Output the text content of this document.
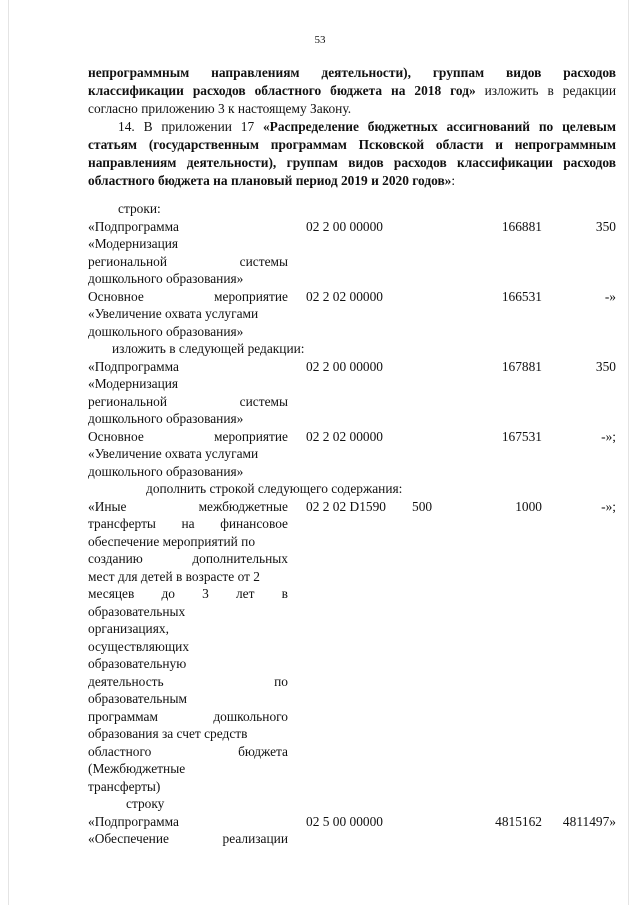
53

непрограммным направлениям деятельности), группам видов расходов классификации расходов областного бюджета на 2018 год» изложить в редакции согласно приложению 3 к настоящему Закону.

14. В приложении 17 «Распределение бюджетных ассигнований по целевым статьям (государственным программам Псковской области и непрограммным направлениям деятельности), группам видов расходов классификации расходов областного бюджета на плановый период 2019 и 2020 годов»:

строки:

«Подпрограмма
«Модернизация
региональной	системы
дошкольного образования»
02 2 00 00000	166881	350
Основное	мероприятие
«Увеличение охвата услугами
дошкольного образования»
02 2 02 00000	166531	-»

изложить в следующей редакции:

«Подпрограмма
«Модернизация
региональной	системы
дошкольного образования»
02 2 00 00000	167881	350
Основное	мероприятие
«Увеличение охвата услугами
дошкольного образования»
02 2 02 00000	167531	-»;

дополнить строкой следующего содержания:

«Иные	межбюджетные
трансферты на финансовое
обеспечение мероприятий по
созданию	дополнительных
мест для детей в возрасте от 2
месяцев до 3 лет в
образовательных
организациях,
осуществляющих
образовательную
деятельность	по
образовательным
программам	дошкольного
образования за счет средств
областного	бюджета
(Межбюджетные
трансферты)
02 2 02 D1590	500	1000	-»;

строку

«Подпрограмма
«Обеспечение	реализации
02 5 00 00000	4815162	4811497»
